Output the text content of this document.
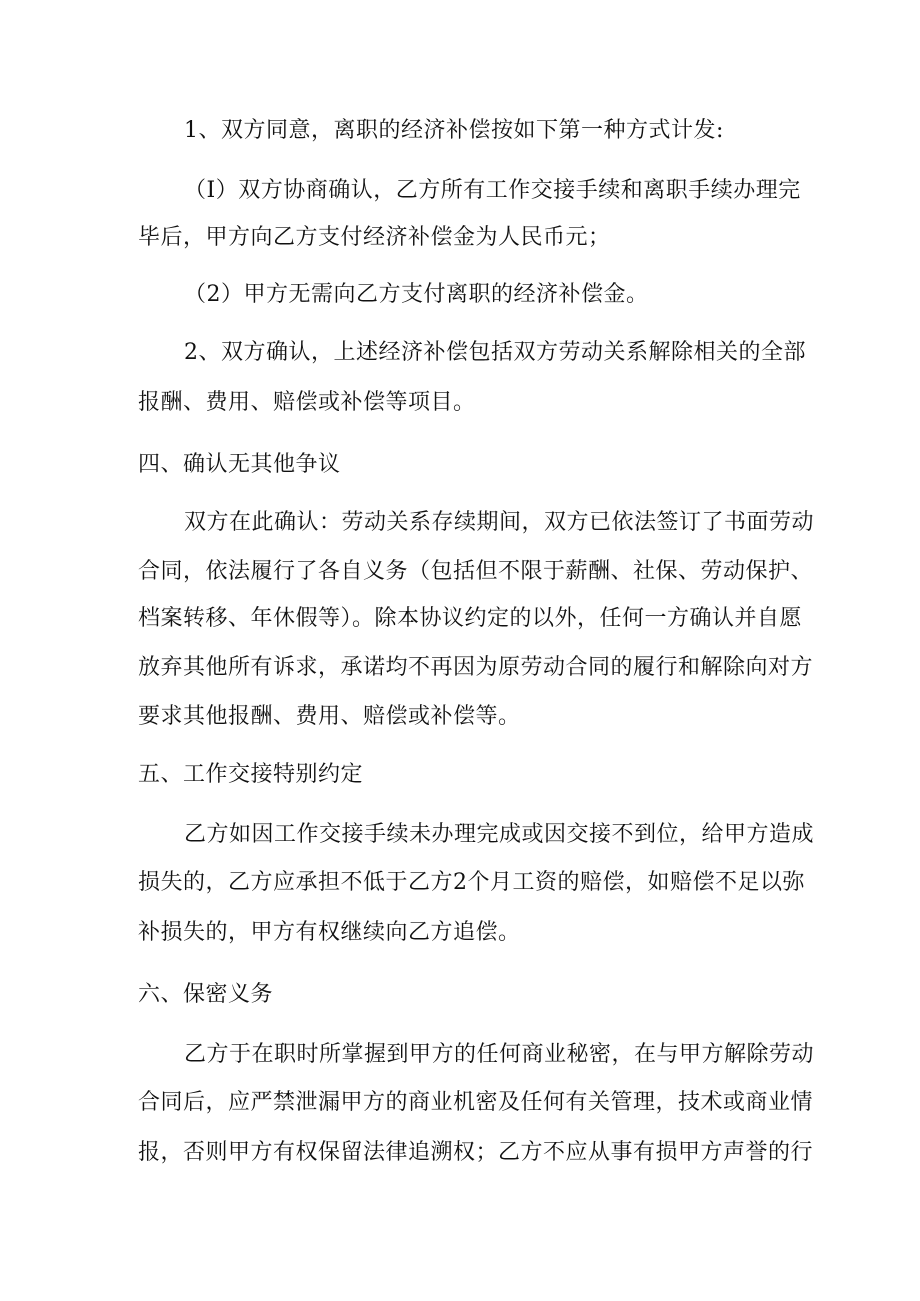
1、双方同意，离职的经济补偿按如下第一种方式计发:
（I）双方协商确认，乙方所有工作交接手续和离职手续办理完
毕后，甲方向乙方支付经济补偿金为人民币元；
（2）甲方无需向乙方支付离职的经济补偿金。
2、双方确认，上述经济补偿包括双方劳动关系解除相关的全部
报酬、费用、赔偿或补偿等项目。
四、确认无其他争议
双方在此确认：劳动关系存续期间，双方已依法签订了书面劳动
合同，依法履行了各自义务（包括但不限于薪酬、社保、劳动保护、
档案转移、年休假等）。除本协议约定的以外，任何一方确认并自愿
放弃其他所有诉求，承诺均不再因为原劳动合同的履行和解除向对方
要求其他报酬、费用、赔偿或补偿等。
五、工作交接特别约定
乙方如因工作交接手续未办理完成或因交接不到位，给甲方造成
损失的，乙方应承担不低于乙方2个月工资的赔偿，如赔偿不足以弥
补损失的，甲方有权继续向乙方追偿。
六、保密义务
乙方于在职时所掌握到甲方的任何商业秘密，在与甲方解除劳动
合同后，应严禁泄漏甲方的商业机密及任何有关管理，技术或商业情
报，否则甲方有权保留法律追溯权；乙方不应从事有损甲方声誉的行
